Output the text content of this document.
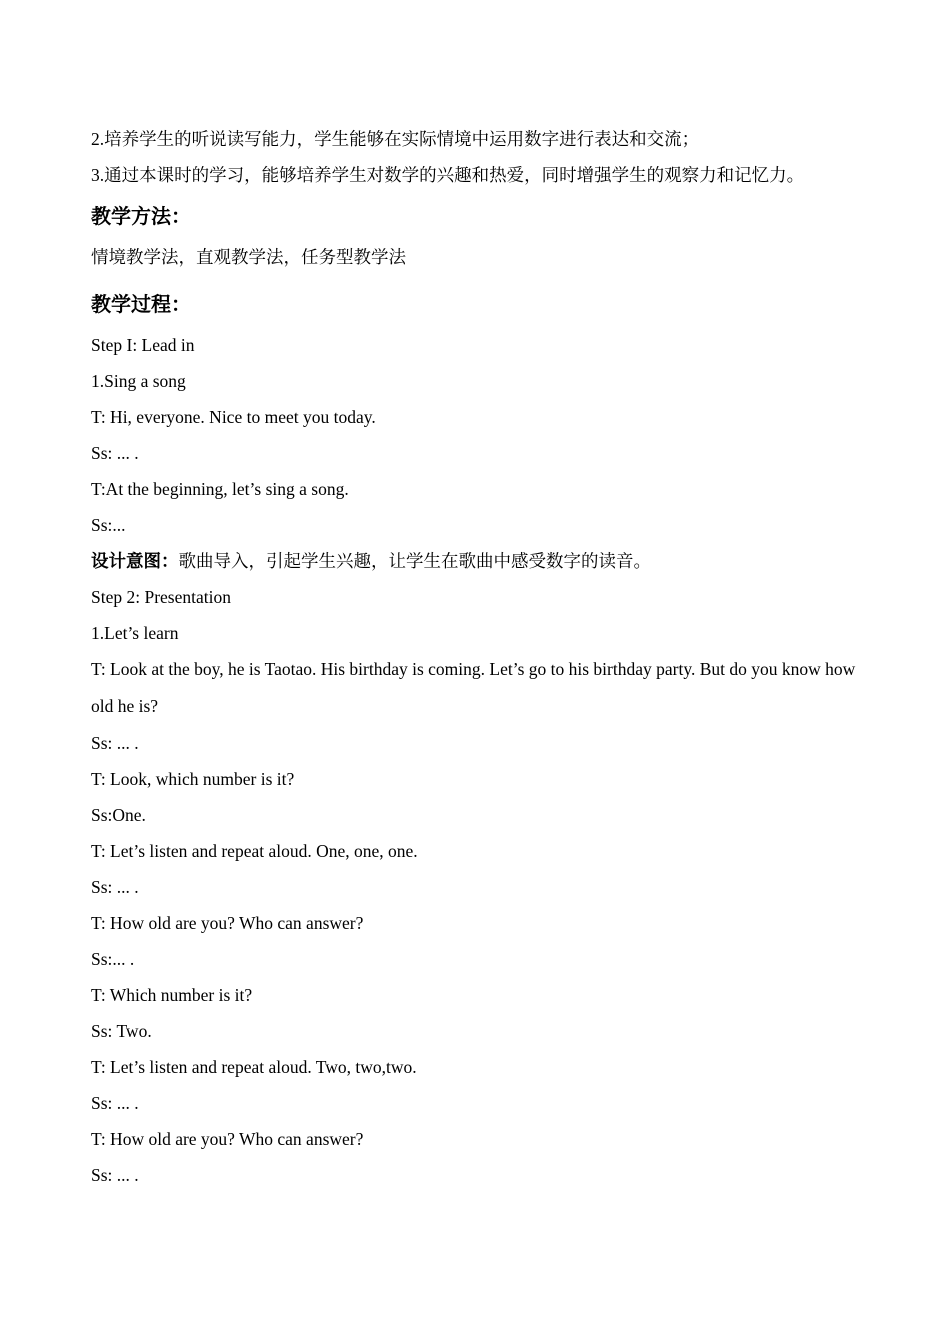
2.培养学生的听说读写能力，学生能够在实际情境中运用数字进行表达和交流；
3.通过本课时的学习，能够培养学生对数学的兴趣和热爱，同时增强学生的观察力和记忆力。
教学方法：
情境教学法，直观教学法，任务型教学法
教学过程：
Step I: Lead in
1.Sing a song
T: Hi, everyone. Nice to meet you today.
Ss: ... .
T:At the beginning, let’s sing a song.
Ss:...
设计意图：歌曲导入，引起学生兴趣，让学生在歌曲中感受数字的读音。
Step 2: Presentation
1.Let’s learn
T: Look at the boy, he is Taotao. His birthday is coming. Let’s go to his birthday party. But do you know how old he is?
Ss: ... .
T: Look, which number is it?
Ss:One.
T: Let’s listen and repeat aloud. One, one, one.
Ss: ... .
T: How old are you? Who can answer?
Ss:... .
T: Which number is it?
Ss: Two.
T: Let’s listen and repeat aloud. Two, two,two.
Ss: ... .
T: How old are you? Who can answer?
Ss: ... .
